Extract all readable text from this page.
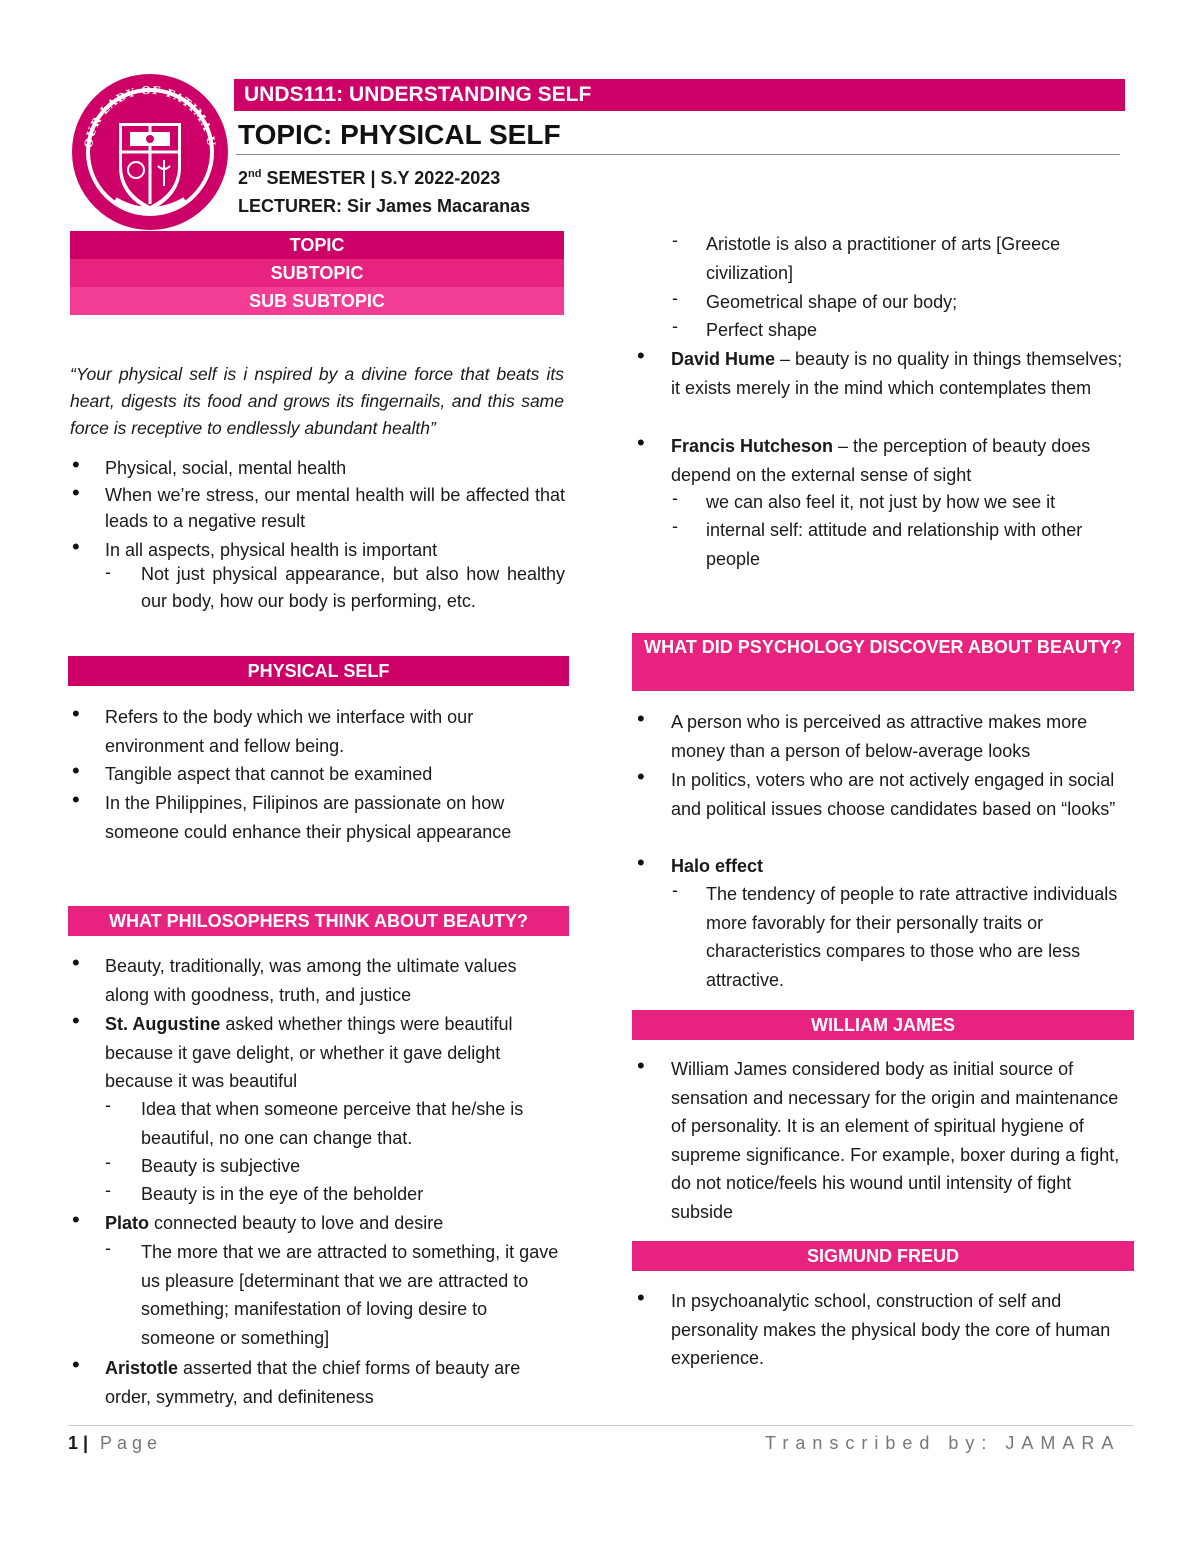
OUR LADY OF FATIMA U
UNDS111: UNDERSTANDING SELF
TOPIC: PHYSICAL SELF
2nd SEMESTER | S.Y 2022-2023
LECTURER: Sir James Macaranas
TOPIC
SUBTOPIC
SUB SUBTOPIC
“Your physical self is i nspired by a divine force that beats its heart, digests its food and grows its fingernails, and this same force is receptive to endlessly abundant health”
•
Physical, social, mental health
•
When we’re stress, our mental health will be affected that leads to a negative result
•
In all aspects, physical health is important
Not just physical appearance, but also how healthy our body, how our body is performing, etc.
PHYSICAL SELF
•
Refers to the body which we interface with our environment and fellow being.
•
Tangible aspect that cannot be examined
•
In the Philippines, Filipinos are passionate on how someone could enhance their physical appearance
WHAT PHILOSOPHERS THINK ABOUT BEAUTY?
•
Beauty, traditionally, was among the ultimate values along with goodness, truth, and justice
•
St. Augustine asked whether things were beautiful because it gave delight, or whether it gave delight because it was beautiful
Idea that when someone perceive that he/she is beautiful, no one can change that.
Beauty is subjective
Beauty is in the eye of the beholder
•
Plato connected beauty to love and desire
The more that we are attracted to something, it gave us pleasure [determinant that we are attracted to something; manifestation of loving desire to someone or something]
•
Aristotle asserted that the chief forms of beauty are order, symmetry, and definiteness
Aristotle is also a practitioner of arts [Greece civilization]
Geometrical shape of our body;
Perfect shape
•
David Hume – beauty is no quality in things themselves; it exists merely in the mind which contemplates them
•
Francis Hutcheson – the perception of beauty does depend on the external sense of sight
we can also feel it, not just by how we see it
internal self: attitude and relationship with other people
WHAT DID PSYCHOLOGY DISCOVER ABOUT BEAUTY?
•
A person who is perceived as attractive makes more money than a person of below-average looks
•
In politics, voters who are not actively engaged in social and political issues choose candidates based on “looks”
•
Halo effect
The tendency of people to rate attractive individuals more favorably for their personally traits or characteristics compares to those who are less attractive.
WILLIAM JAMES
•
William James considered body as initial source of sensation and necessary for the origin and maintenance of personality. It is an element of spiritual hygiene of supreme significance. For example, boxer during a fight, do not notice/feels his wound until intensity of fight subside
SIGMUND FREUD
•
In psychoanalytic school, construction of self and personality makes the physical body the core of human experience.
1 | Page	Transcribed by: JAMARA
